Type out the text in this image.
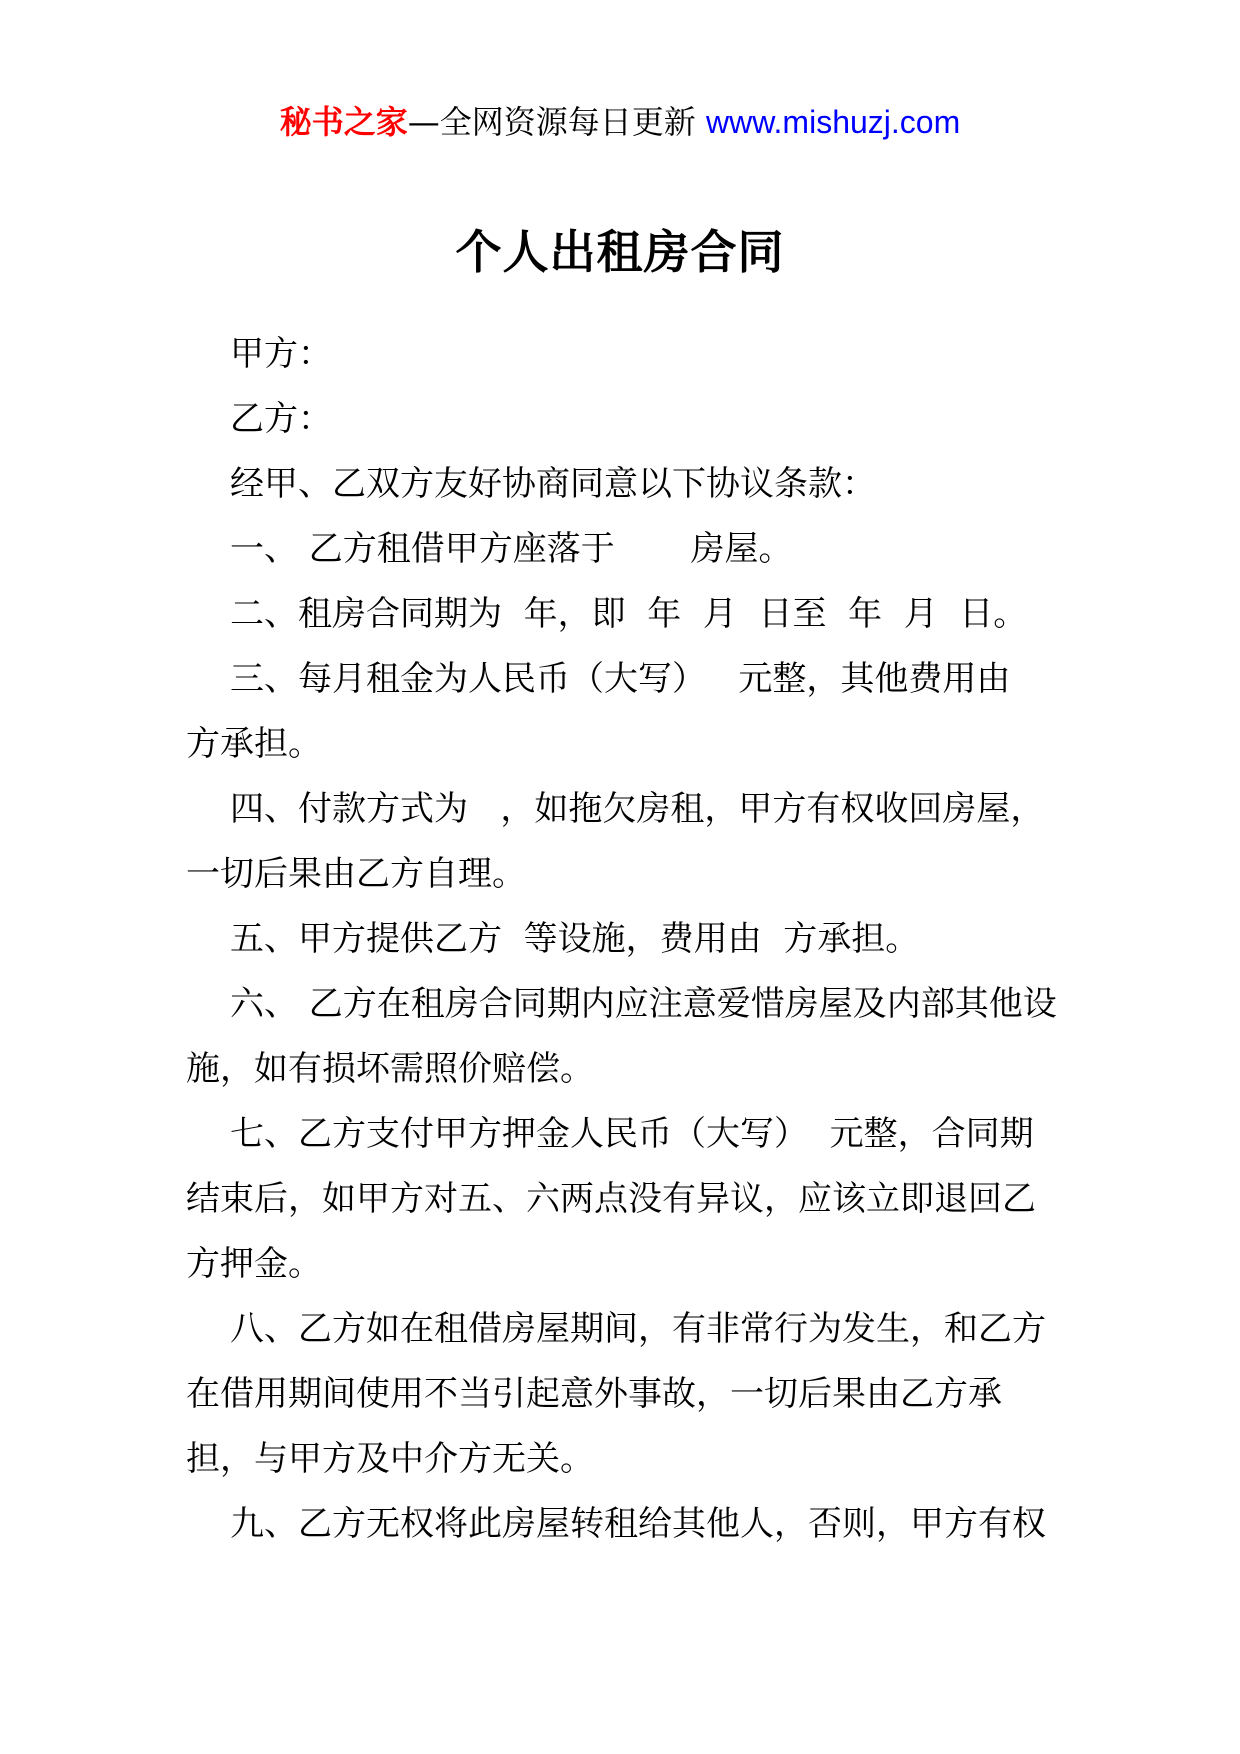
秘书之家—全网资源每日更新 www.mishuzj.com
个人出租房合同

甲方：

乙方：

经甲、乙双方友好协商同意以下协议条款：

一、 乙方租借甲方座落于       房屋。

二、租房合同期为  年，即  年  月  日至  年  月  日。

三、每月租金为人民币（大写）   元整，其他费用由  方承担。

四、付款方式为   ，如拖欠房租，甲方有权收回房屋，一切后果由乙方自理。

五、甲方提供乙方  等设施，费用由  方承担。

六、 乙方在租房合同期内应注意爱惜房屋及内部其他设施，如有损坏需照价赔偿。

七、乙方支付甲方押金人民币（大写）  元整，合同期结束后，如甲方对五、六两点没有异议，应该立即退回乙方押金。

八、乙方如在租借房屋期间，有非常行为发生，和乙方在借用期间使用不当引起意外事故，一切后果由乙方承担，与甲方及中介方无关。

九、乙方无权将此房屋转租给其他人，否则，甲方有权
